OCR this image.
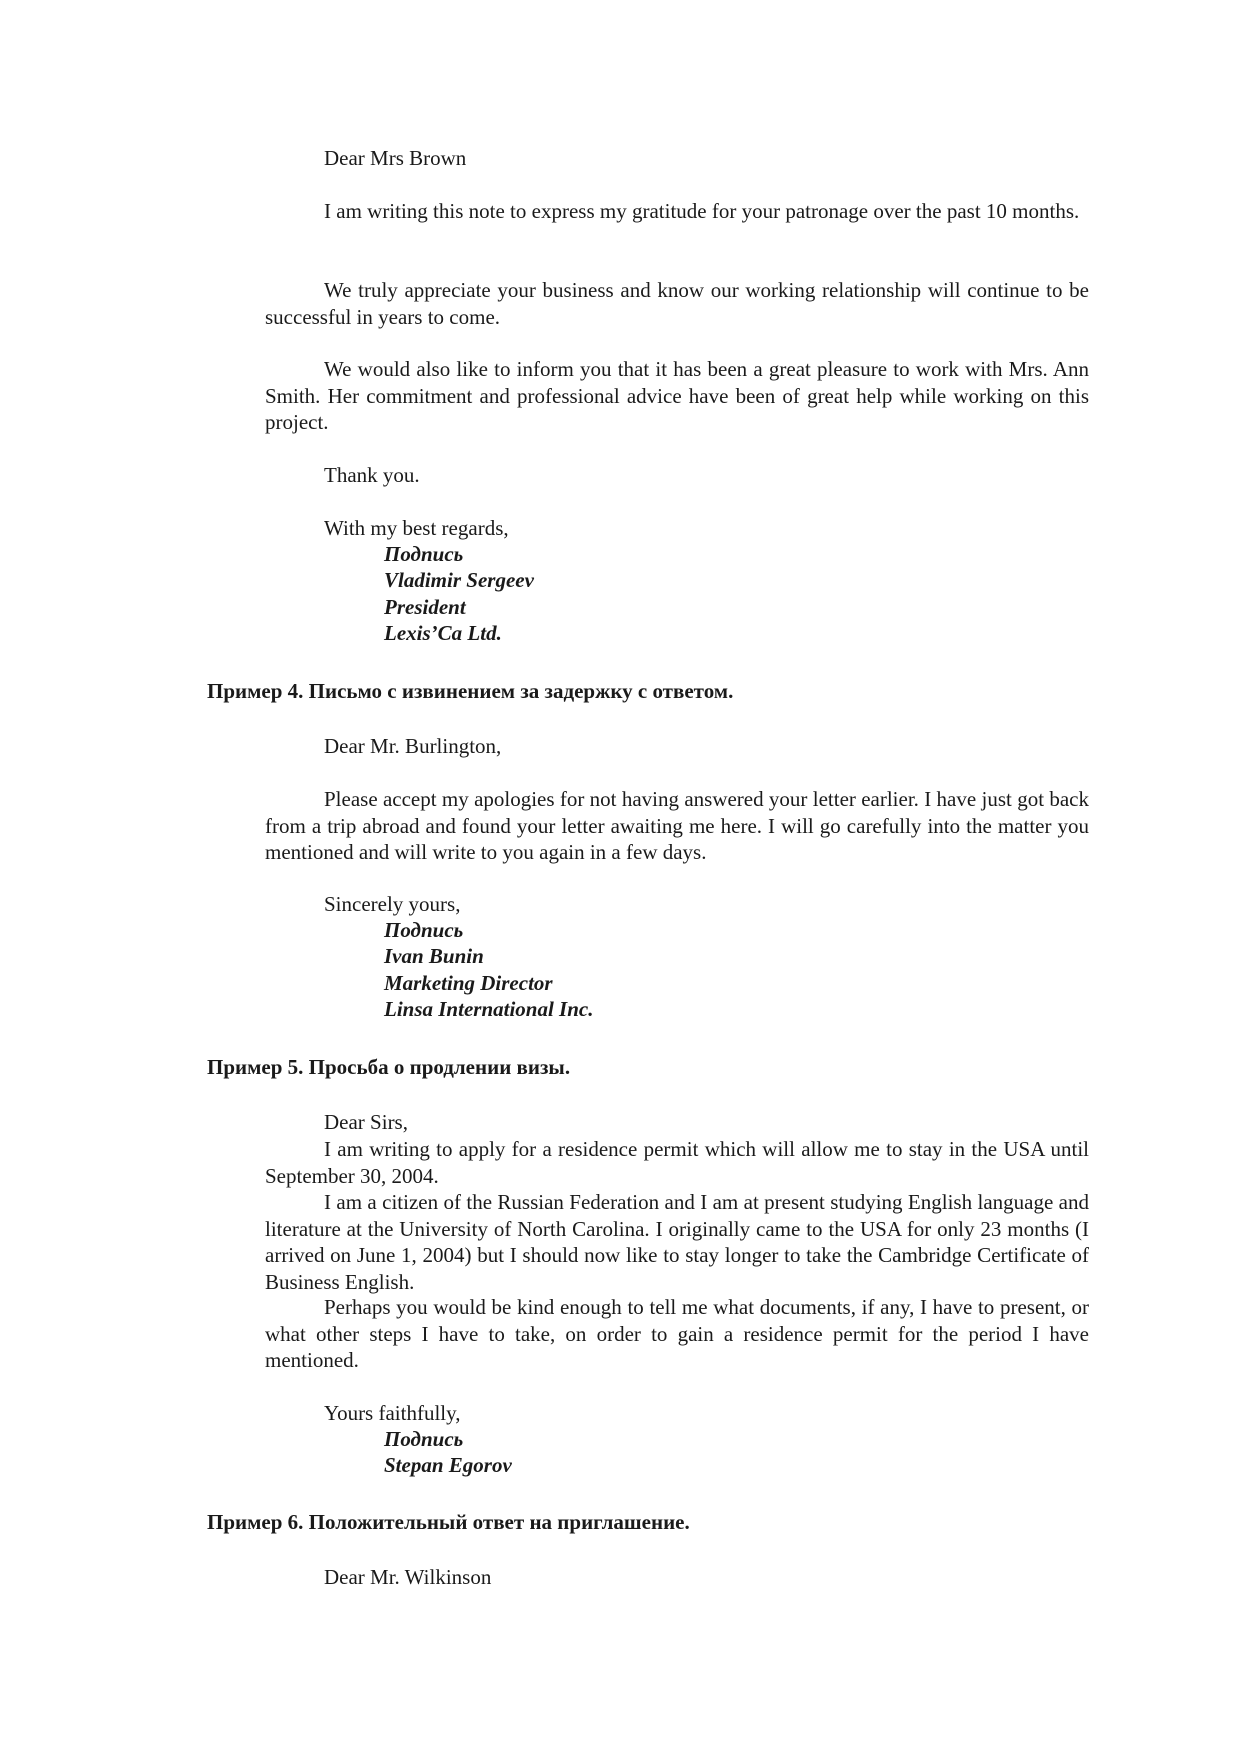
Dear Mrs Brown
I am writing this note to express my gratitude for your patronage over the past 10 months.
We truly appreciate your business and know our working relationship will continue to be successful in years to come.
We would also like to inform you that it has been a great pleasure to work with Mrs. Ann Smith. Her commitment and professional advice have been of great help while working on this project.
Thank you.
With my best regards,
Подпись
Vladimir Sergeev
President
Lexis’Ca Ltd.
Пример 4. Письмо с извинением за задержку с ответом.
Dear Mr. Burlington,
Please accept my apologies for not having answered your letter earlier. I have just got back from a trip abroad and found your letter awaiting me here. I will go carefully into the matter you mentioned and will write to you again in a few days.
Sincerely yours,
Подпись
Ivan Bunin
Marketing Director
Linsa International Inc.
Пример 5. Просьба о продлении визы.
Dear Sirs,
I am writing to apply for a residence permit which will allow me to stay in the USA until September 30, 2004.
I am a citizen of the Russian Federation and I am at present studying English language and literature at the University of North Carolina. I originally came to the USA for only 23 months (I arrived on June 1, 2004) but I should now like to stay longer to take the Cambridge Certificate of Business English.
Perhaps you would be kind enough to tell me what documents, if any, I have to present, or what other steps I have to take, on order to gain a residence permit for the period I have mentioned.
Yours faithfully,
Подпись
Stepan Egorov
Пример 6. Положительный ответ на приглашение.
Dear Mr. Wilkinson
